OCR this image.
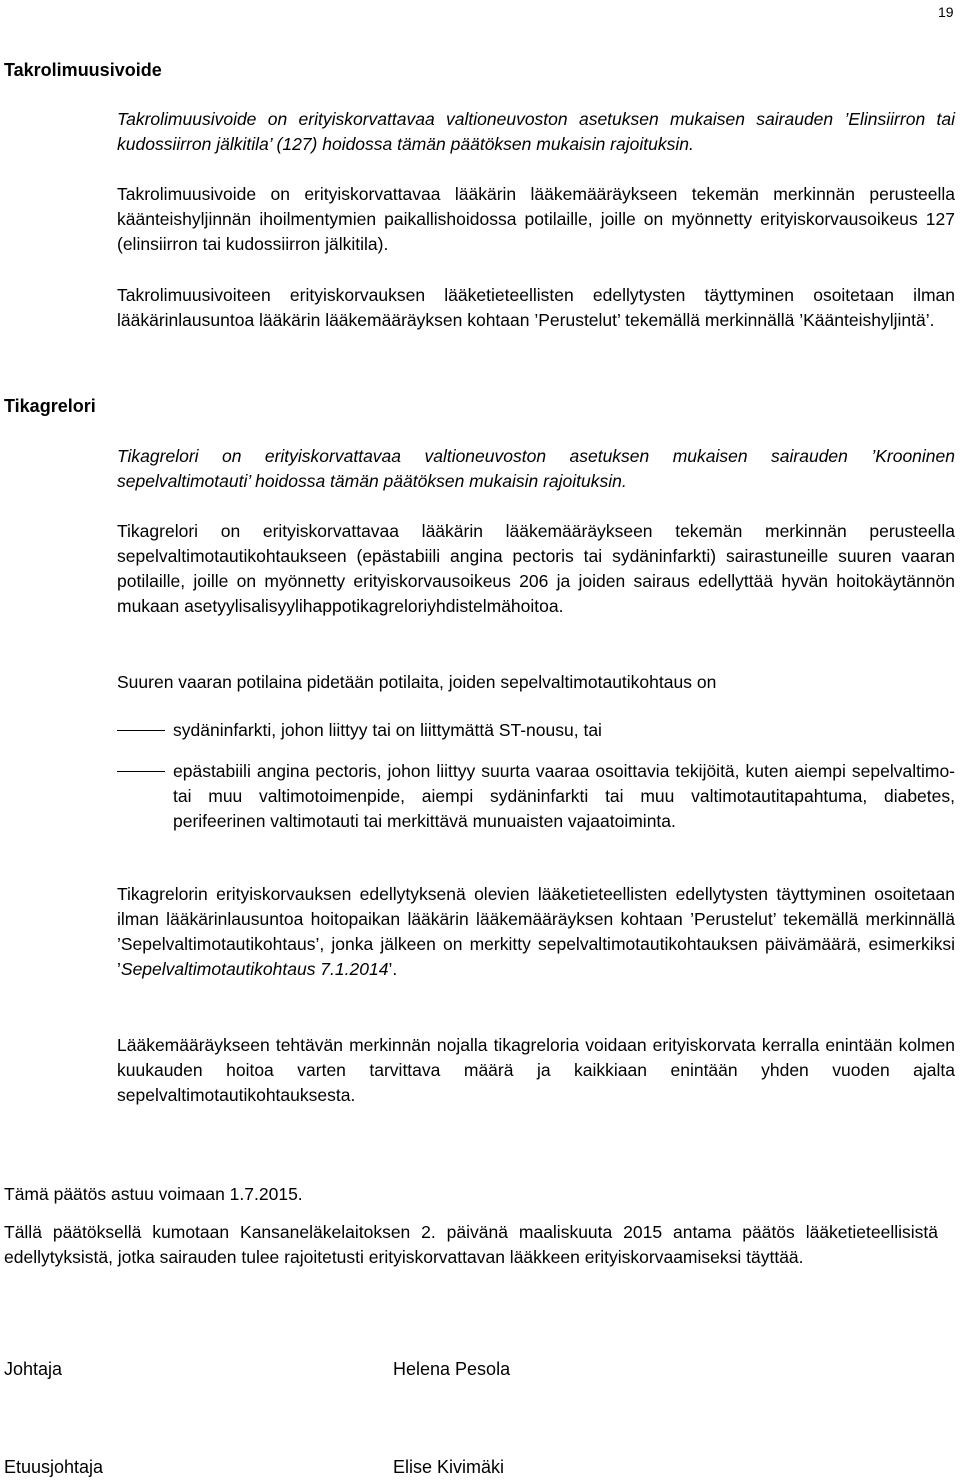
19
Takrolimuusivoide
Takrolimuusivoide on erityiskorvattavaa valtioneuvoston asetuksen mukaisen sairauden ’Elinsiirron tai kudossiirron jälkitila’ (127) hoidossa tämän päätöksen mukaisin rajoituksin.
Takrolimuusivoide on erityiskorvattavaa lääkärin lääkemääräykseen tekemän merkinnän perusteella käänteishyljinnän ihoilmentymien paikallishoidossa potilaille, joille on myönnetty erityiskorvausoikeus 127 (elinsiirron tai kudossiirron jälkitila).
Takrolimuusivoiteen erityiskorvauksen lääketieteellisten edellytysten täyttyminen osoitetaan ilman lääkärinlausuntoa lääkärin lääkemääräyksen kohtaan ’Perustelut’ tekemällä merkinnällä ’Käänteishyljintä’.
Tikagrelori
Tikagrelori on erityiskorvattavaa valtioneuvoston asetuksen mukaisen sairauden ’Krooninen sepelvaltimotauti’ hoidossa tämän päätöksen mukaisin rajoituksin.
Tikagrelori on erityiskorvattavaa lääkärin lääkemääräykseen tekemän merkinnän perusteella sepelvaltimotautikohtaukseen (epästabiili angina pectoris tai sydäninfarkti) sairastuneille suuren vaaran potilaille, joille on myönnetty erityiskorvausoikeus 206 ja joiden sairaus edellyttää hyvän hoitokäytännön mukaan asetyylisalisyylihappotikagreloriyhdistelmähoitoa.
Suuren vaaran potilaina pidetään potilaita, joiden sepelvaltimotautikohtaus on
sydäninfarkti, johon liittyy tai on liittymättä ST-nousu, tai
epästabiili angina pectoris, johon liittyy suurta vaaraa osoittavia tekijöitä, kuten aiempi sepelvaltimo- tai muu valtimotoimenpide, aiempi sydäninfarkti tai muu valtimotautitapahtuma, diabetes, perifeerinen valtimotauti tai merkittävä munuaisten vajaatoiminta.
Tikagrelorin erityiskorvauksen edellytyksenä olevien lääketieteellisten edellytysten täyttyminen osoitetaan ilman lääkärinlausuntoa hoitopaikan lääkärin lääkemääräyksen kohtaan ’Perustelut’ tekemällä merkinnällä ’Sepelvaltimotautikohtaus’, jonka jälkeen on merkitty sepelvaltimotautikohtauksen päivämäärä, esimerkiksi ’Sepelvaltimotautikohtaus 7.1.2014’.
Lääkemääräykseen tehtävän merkinnän nojalla tikagreloria voidaan erityiskorvata kerralla enintään kolmen kuukauden hoitoa varten tarvittava määrä ja kaikkiaan enintään yhden vuoden ajalta sepelvaltimotautikohtauksesta.
Tämä päätös astuu voimaan 1.7.2015.
Tällä päätöksellä kumotaan Kansaneläkelaitoksen 2. päivänä maaliskuuta 2015 antama päätös lääketieteellisistä edellytyksistä, jotka sairauden tulee rajoitetusti erityiskorvattavan lääkkeen erityiskorvaamiseksi täyttää.
Johtaja	Helena Pesola
Etuusjohtaja	Elise Kivimäki
